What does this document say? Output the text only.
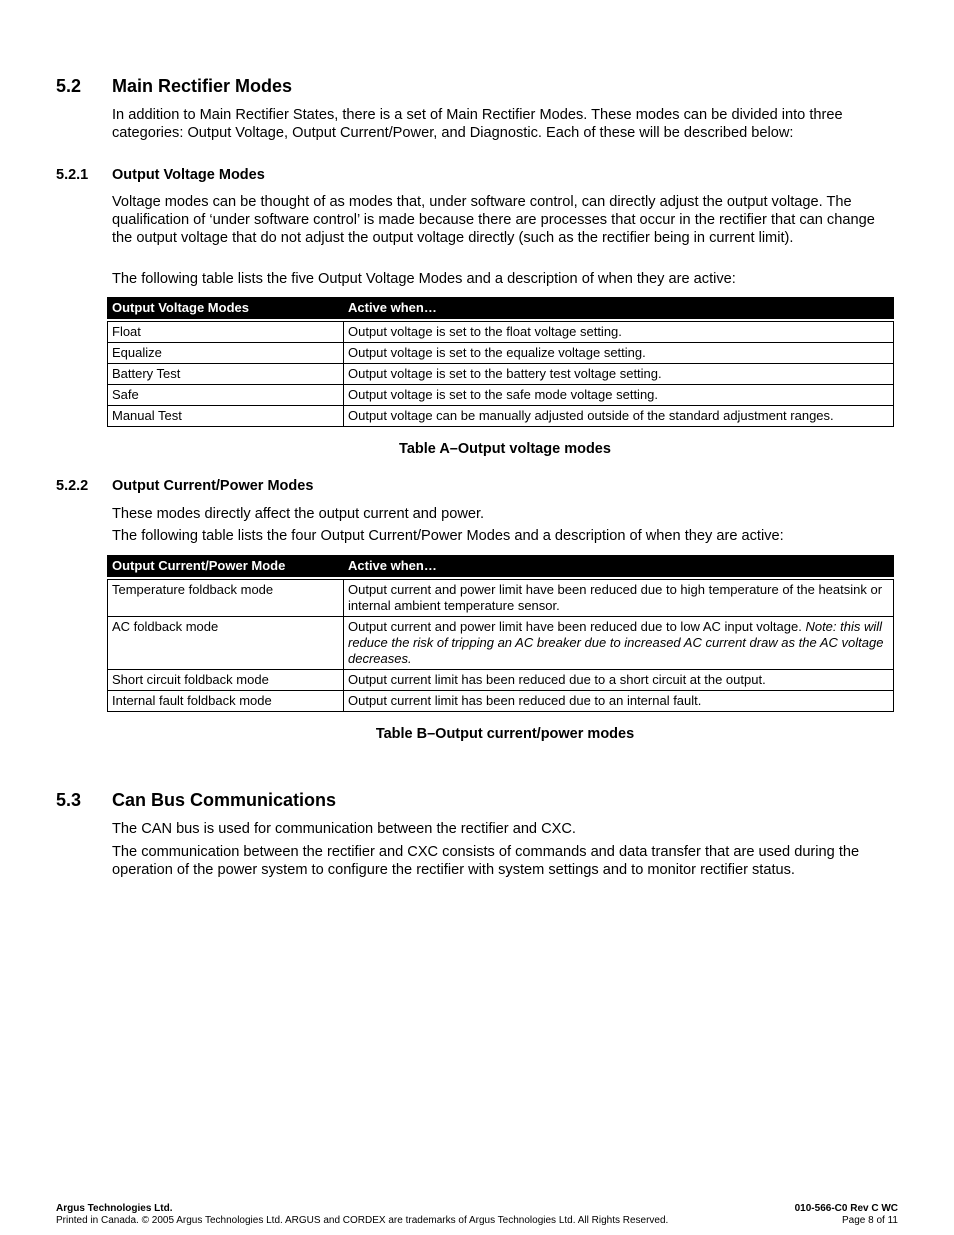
5.2 Main Rectifier Modes

In addition to Main Rectifier States, there is a set of Main Rectifier Modes. These modes can be divided into three categories: Output Voltage, Output Current/Power, and Diagnostic. Each of these will be described below:

5.2.1 Output Voltage Modes

Voltage modes can be thought of as modes that, under software control, can directly adjust the output voltage. The qualification of ‘under software control’ is made because there are processes that occur in the rectifier that can change the output voltage that do not adjust the output voltage directly (such as the rectifier being in current limit).

The following table lists the five Output Voltage Modes and a description of when they are active:

Output Voltage Modes	Active when…

Float	Output voltage is set to the float voltage setting.
Equalize	Output voltage is set to the equalize voltage setting.
Battery Test	Output voltage is set to the battery test voltage setting.
Safe	Output voltage is set to the safe mode voltage setting.
Manual Test	Output voltage can be manually adjusted outside of the standard adjustment ranges.
Table A–Output voltage modes
5.2.2 Output Current/Power Modes

These modes directly affect the output current and power.

The following table lists the four Output Current/Power Modes and a description of when they are active:

Output Current/Power Mode	Active when…

Temperature foldback mode	Output current and power limit have been reduced due to high temperature of the heatsink or internal ambient temperature sensor.
AC foldback mode	Output current and power limit have been reduced due to low AC input voltage. Note: this will reduce the risk of tripping an AC breaker due to increased AC current draw as the AC voltage decreases.
Short circuit foldback mode	Output current limit has been reduced due to a short circuit at the output.
Internal fault foldback mode	Output current limit has been reduced due to an internal fault.
Table B–Output current/power modes
5.3 Can Bus Communications

The CAN bus is used for communication between the rectifier and CXC.

The communication between the rectifier and CXC consists of commands and data transfer that are used during the operation of the power system to configure the rectifier with system settings and to monitor rectifier status.

Argus Technologies Ltd.	010-566-C0 Rev C WC
Printed in Canada. © 2005 Argus Technologies Ltd. ARGUS and CORDEX are trademarks of Argus Technologies Ltd. All Rights Reserved.	Page 8 of 11
